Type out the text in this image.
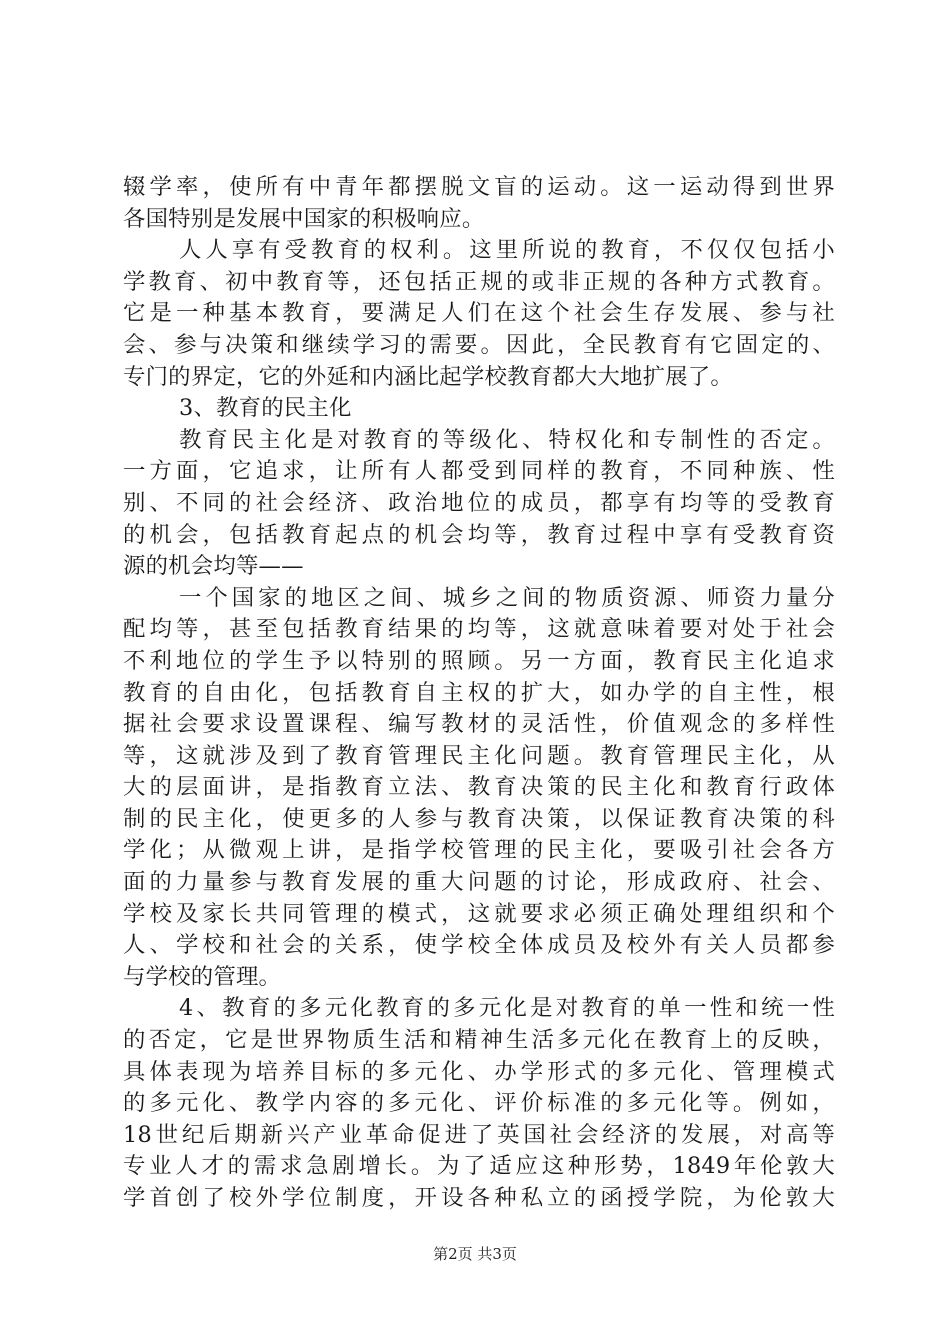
辍学率，使所有中青年都摆脱文盲的运动。这一运动得到世界
各国特别是发展中国家的积极响应。
人人享有受教育的权利。这里所说的教育，不仅仅包括小
学教育、初中教育等，还包括正规的或非正规的各种方式教育。
它是一种基本教育，要满足人们在这个社会生存发展、参与社
会、参与决策和继续学习的需要。因此，全民教育有它固定的、
专门的界定，它的外延和内涵比起学校教育都大大地扩展了。
3、教育的民主化
教育民主化是对教育的等级化、特权化和专制性的否定。
一方面，它追求，让所有人都受到同样的教育，不同种族、性
别、不同的社会经济、政治地位的成员，都享有均等的受教育
的机会，包括教育起点的机会均等，教育过程中享有受教育资
源的机会均等——
一个国家的地区之间、城乡之间的物质资源、师资力量分
配均等，甚至包括教育结果的均等，这就意味着要对处于社会
不利地位的学生予以特别的照顾。另一方面，教育民主化追求
教育的自由化，包括教育自主权的扩大，如办学的自主性，根
据社会要求设置课程、编写教材的灵活性，价值观念的多样性
等，这就涉及到了教育管理民主化问题。教育管理民主化，从
大的层面讲，是指教育立法、教育决策的民主化和教育行政体
制的民主化，使更多的人参与教育决策，以保证教育决策的科
学化；从微观上讲，是指学校管理的民主化，要吸引社会各方
面的力量参与教育发展的重大问题的讨论，形成政府、社会、
学校及家长共同管理的模式，这就要求必须正确处理组织和个
人、学校和社会的关系，使学校全体成员及校外有关人员都参
与学校的管理。
4、教育的多元化教育的多元化是对教育的单一性和统一性
的否定，它是世界物质生活和精神生活多元化在教育上的反映，
具体表现为培养目标的多元化、办学形式的多元化、管理模式
的多元化、教学内容的多元化、评价标准的多元化等。例如，
18世纪后期新兴产业革命促进了英国社会经济的发展，对高等
专业人才的需求急剧增长。为了适应这种形势，1849年伦敦大
学首创了校外学位制度，开设各种私立的函授学院，为伦敦大
第2页 共3页
